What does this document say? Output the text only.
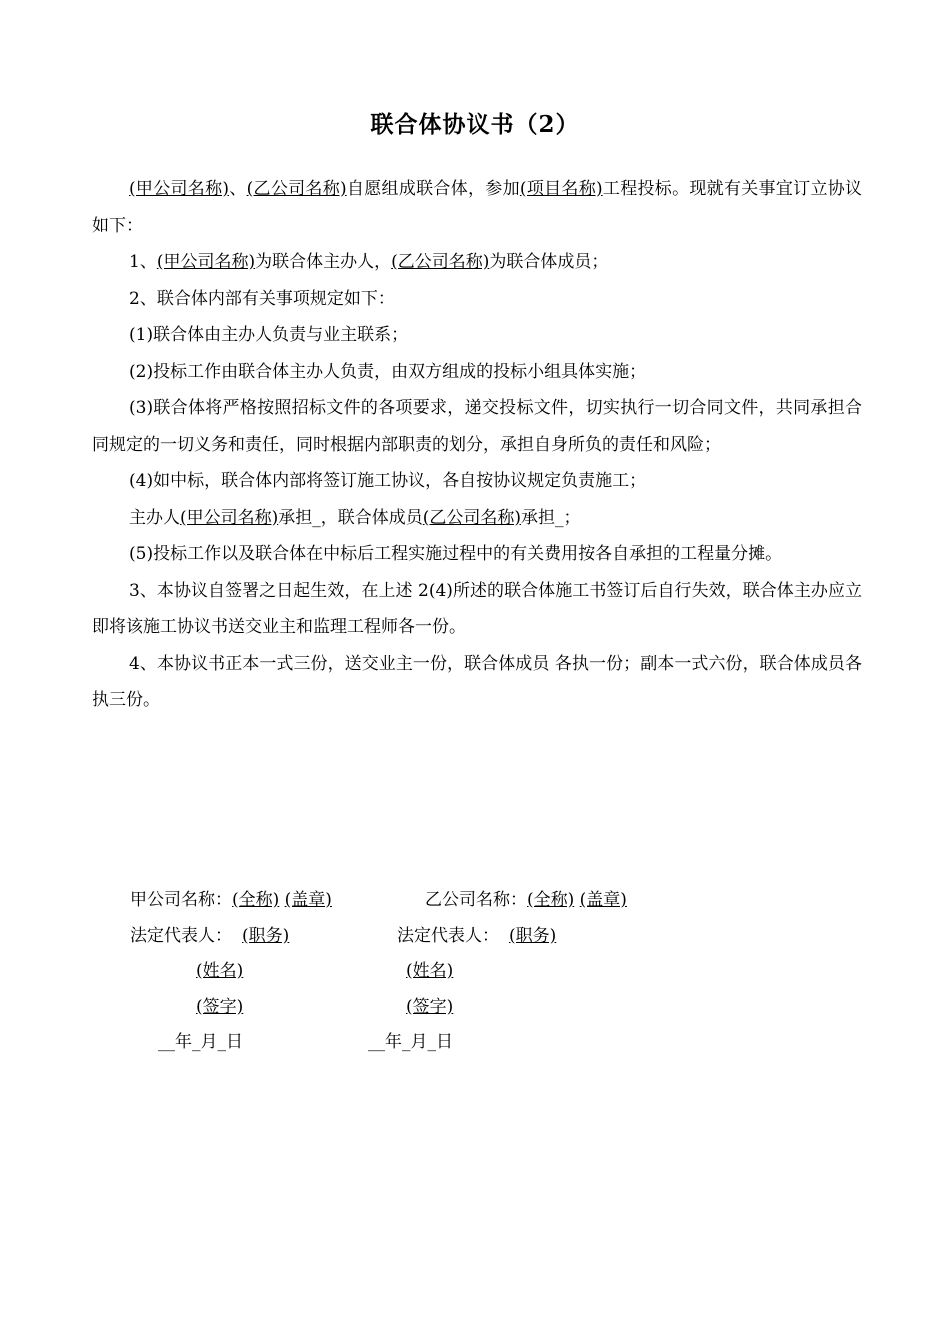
联合体协议书（2）

(甲公司名称)、(乙公司名称)自愿组成联合体，参加(项目名称)工程投标。现就有关事宜订立协议如下：

1、(甲公司名称)为联合体主办人，(乙公司名称)为联合体成员；

2、联合体内部有关事项规定如下：

(1)联合体由主办人负责与业主联系；

(2)投标工作由联合体主办人负责，由双方组成的投标小组具体实施；

(3)联合体将严格按照招标文件的各项要求，递交投标文件，切实执行一切合同文件，共同承担合同规定的一切义务和责任，同时根据内部职责的划分，承担自身所负的责任和风险；

(4)如中标，联合体内部将签订施工协议，各自按协议规定负责施工；

主办人(甲公司名称)承担_，联合体成员(乙公司名称)承担_；

(5)投标工作以及联合体在中标后工程实施过程中的有关费用按各自承担的工程量分摊。

3、本协议自签署之日起生效，在上述 2(4)所述的联合体施工书签订后自行失效，联合体主办应立即将该施工协议书送交业主和监理工程师各一份。

4、本协议书正本一式三份，送交业主一份，联合体成员 各执一份；副本一式六份，联合体成员各执三份。

甲公司名称：(全称) (盖章)
法定代表人： (职务)
(姓名)
(签字)
__年_月_日
乙公司名称：(全称) (盖章)
法定代表人： (职务)
(姓名)
(签字)
__年_月_日
